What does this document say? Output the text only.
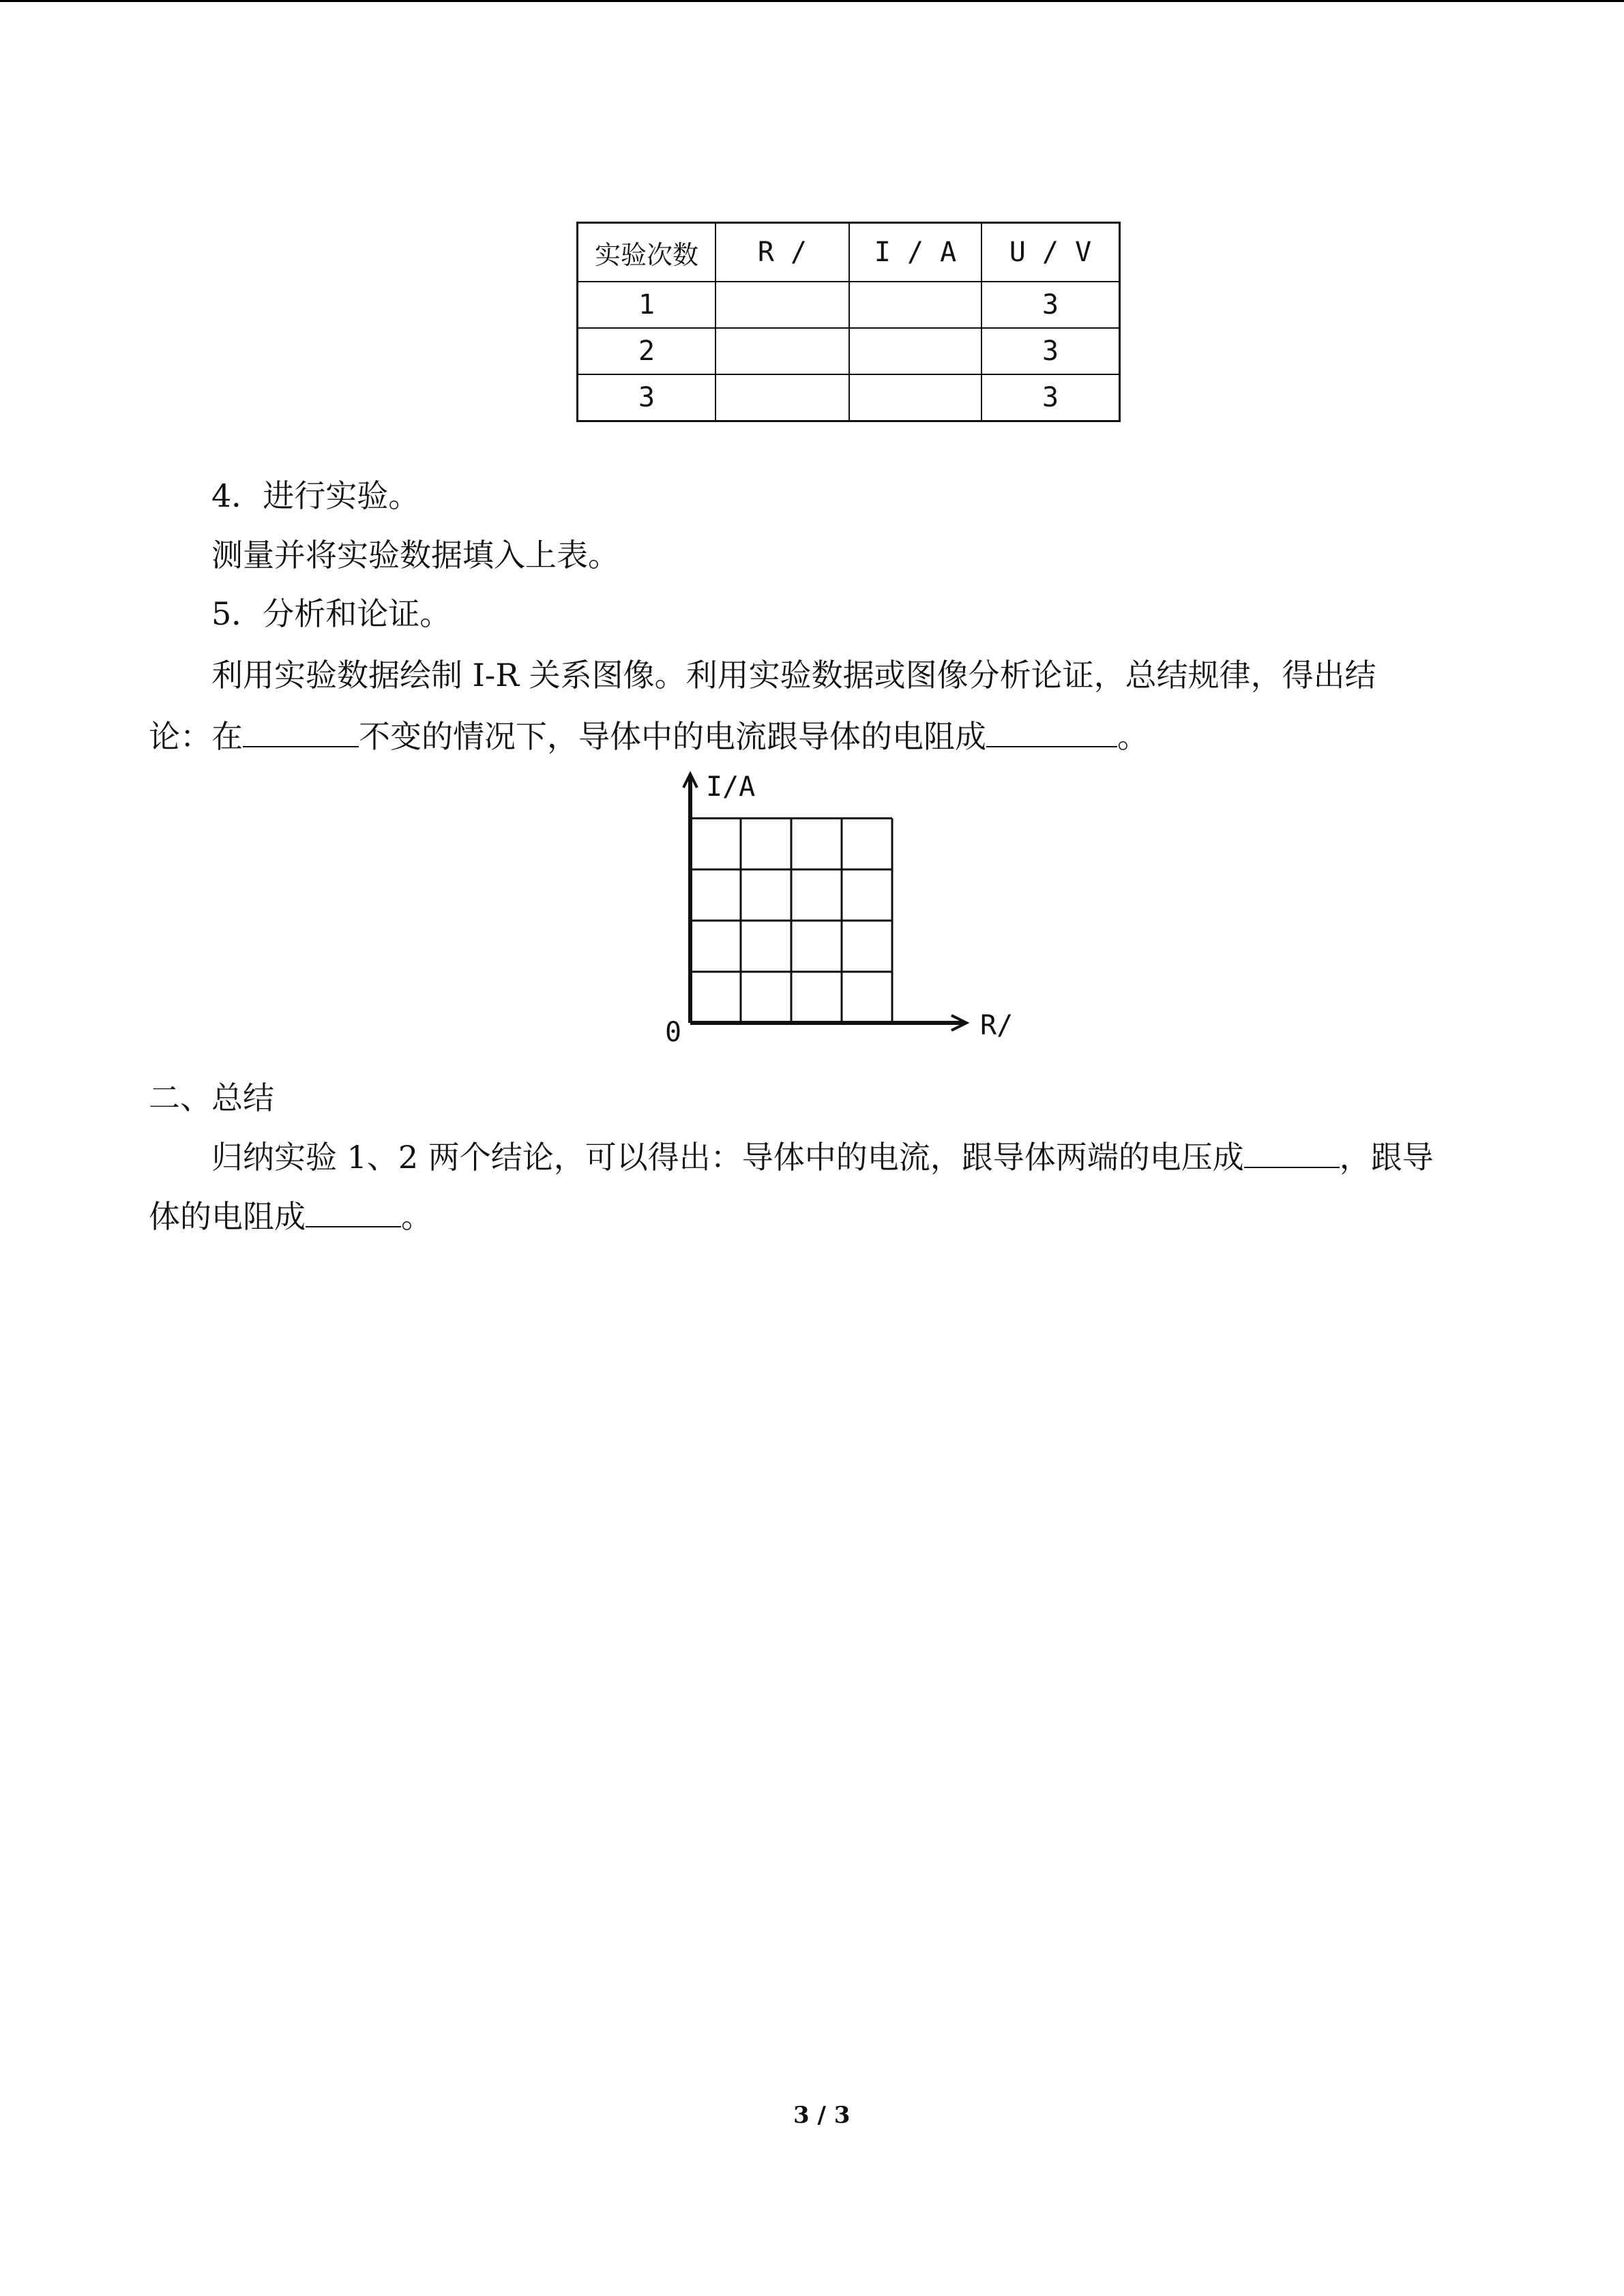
实验次数	R /	I / A	U / V
1			3
2			3
3			3
4．进行实验。
测量并将实验数据填入上表。
5．分析和论证。
利用实验数据绘制 I-R 关系图像。利用实验数据或图像分析论证，总结规律，得出结
论：在	不变的情况下，导体中的电流跟导体的电阻成	。
I/A
R/
0
二、总结
归纳实验 1、2 两个结论，可以得出：导体中的电流，跟导体两端的电压成	，跟导
体的电阻成	。
3 / 3
